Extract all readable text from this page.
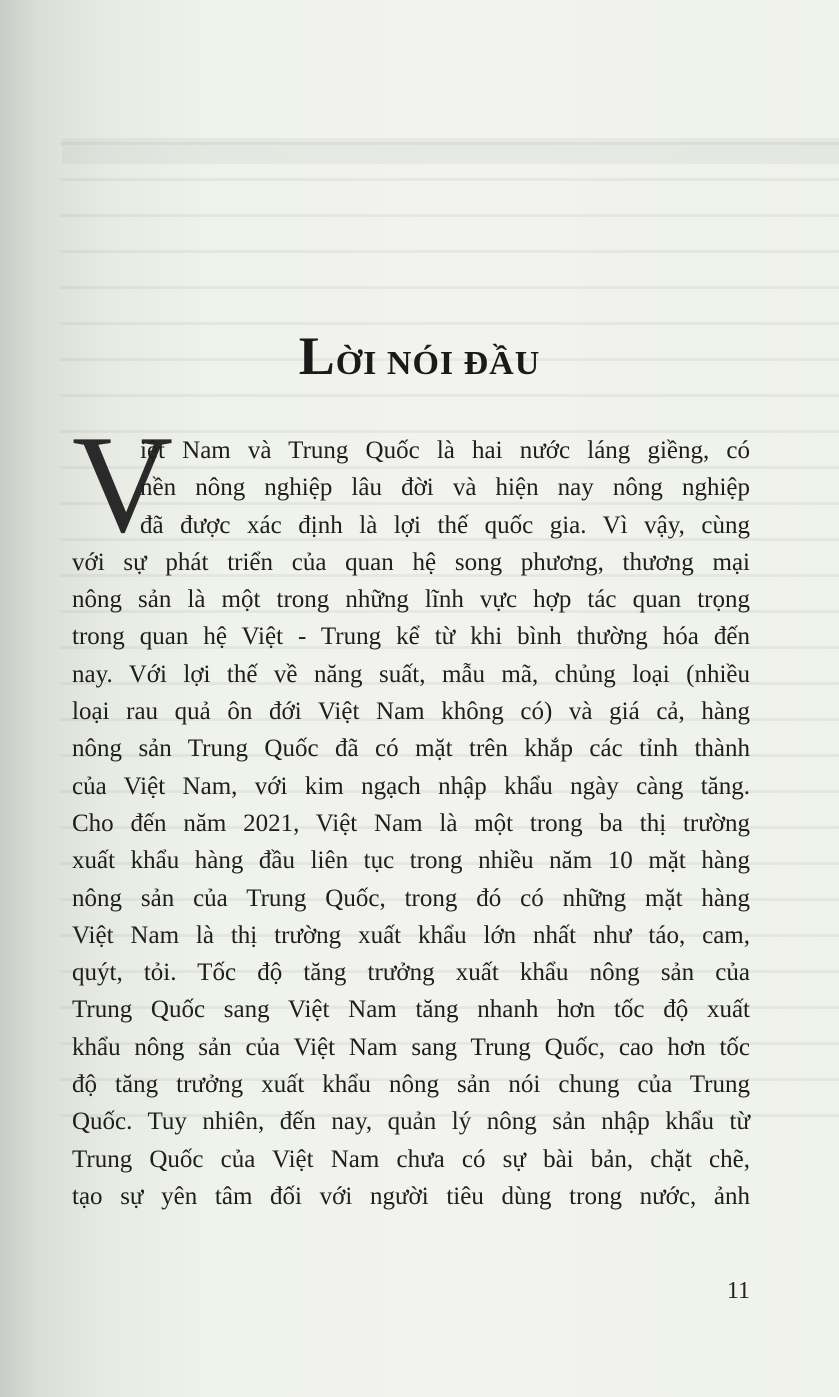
LỜI NÓI ĐẦU
V
iệt Nam và Trung Quốc là hai nước láng giềng, có
nền nông nghiệp lâu đời và hiện nay nông nghiệp
đã được xác định là lợi thế quốc gia. Vì vậy, cùng
với sự phát triển của quan hệ song phương, thương mại
nông sản là một trong những lĩnh vực hợp tác quan trọng
trong quan hệ Việt - Trung kể từ khi bình thường hóa đến
nay. Với lợi thế về năng suất, mẫu mã, chủng loại (nhiều
loại rau quả ôn đới Việt Nam không có) và giá cả, hàng
nông sản Trung Quốc đã có mặt trên khắp các tỉnh thành
của Việt Nam, với kim ngạch nhập khẩu ngày càng tăng.
Cho đến năm 2021, Việt Nam là một trong ba thị trường
xuất khẩu hàng đầu liên tục trong nhiều năm 10 mặt hàng
nông sản của Trung Quốc, trong đó có những mặt hàng
Việt Nam là thị trường xuất khẩu lớn nhất như táo, cam,
quýt, tỏi. Tốc độ tăng trưởng xuất khẩu nông sản của
Trung Quốc sang Việt Nam tăng nhanh hơn tốc độ xuất
khẩu nông sản của Việt Nam sang Trung Quốc, cao hơn tốc
độ tăng trưởng xuất khẩu nông sản nói chung của Trung
Quốc. Tuy nhiên, đến nay, quản lý nông sản nhập khẩu từ
Trung Quốc của Việt Nam chưa có sự bài bản, chặt chẽ,
tạo sự yên tâm đối với người tiêu dùng trong nước, ảnh
11
